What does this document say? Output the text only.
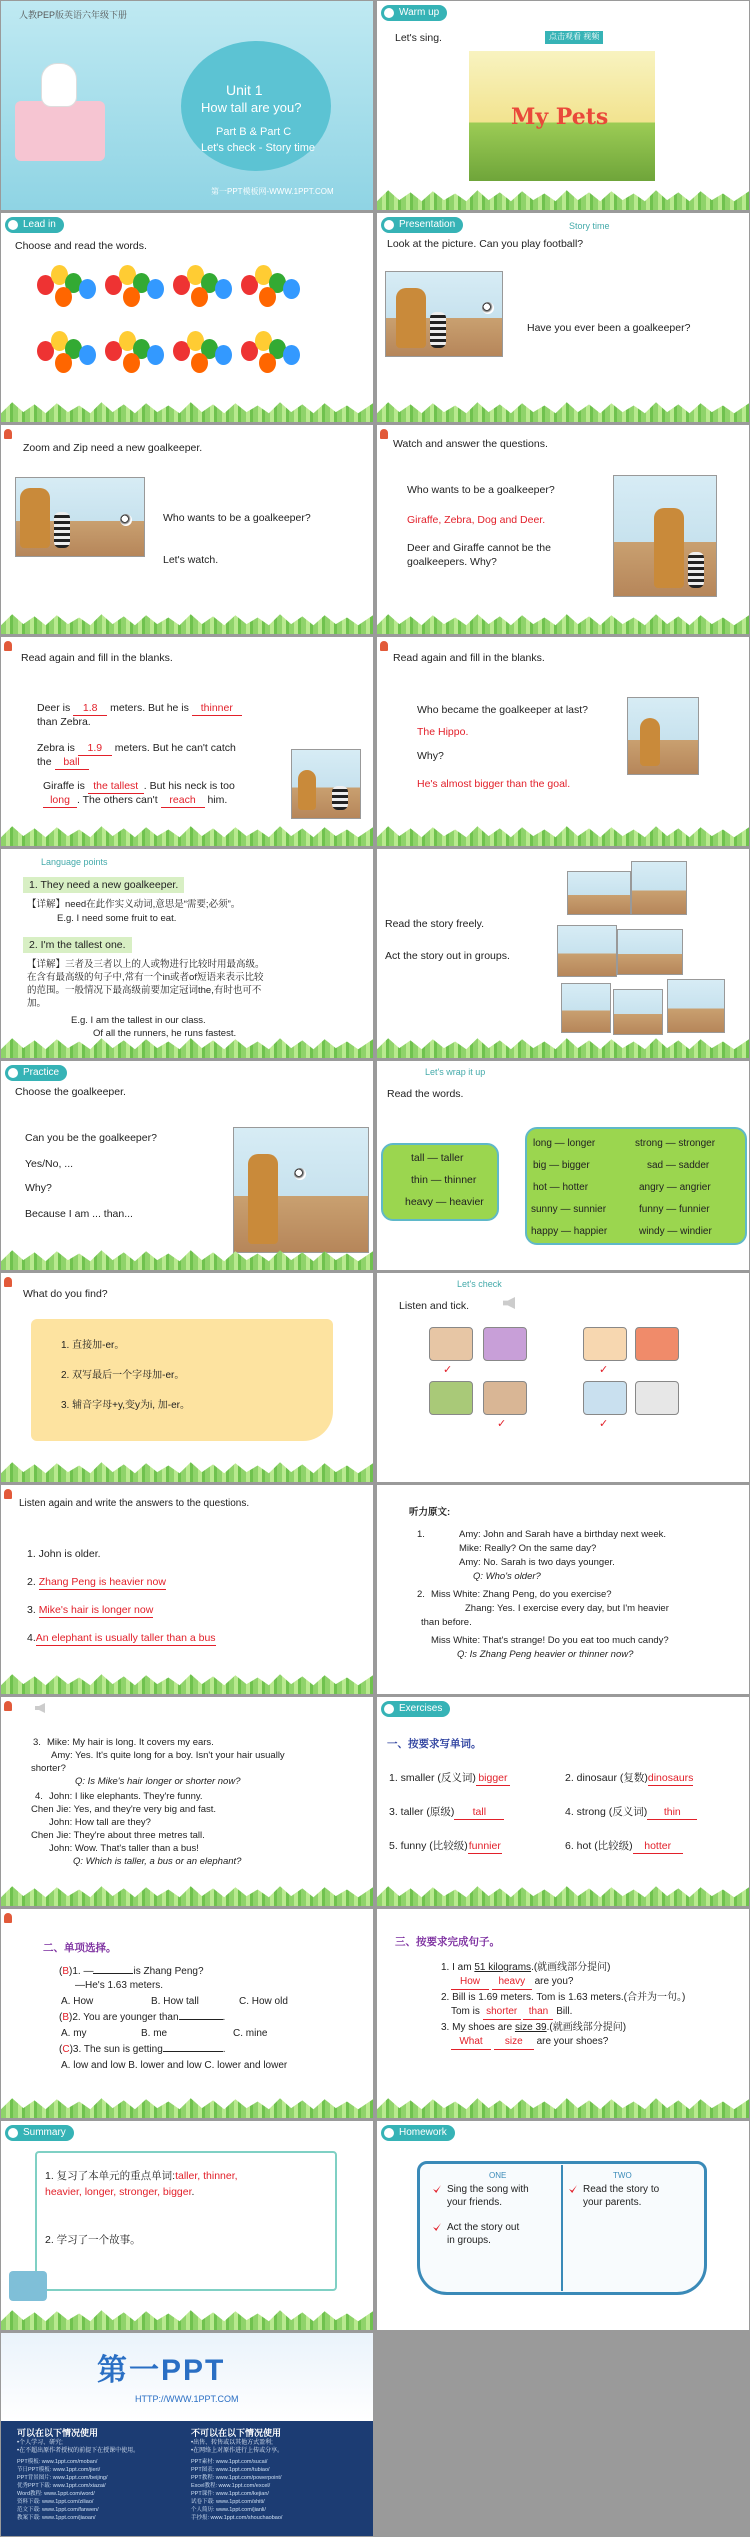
人教PEP版英语六年级下册
Unit 1
How tall are you?
Part B & Part C
Let's check - Story time
第一PPT模板网-WWW.1PPT.COM
Warm up
Let's sing.	点击观看 视频
My Pets
Lead in
Choose and read the words.
Presentation	Story time
Look at the picture. Can you play football?
Have you ever been a goalkeeper?
Zoom and Zip need a new goalkeeper.
Who wants to be a goalkeeper?
Let's watch.
Watch and answer the questions.
Who wants to be a goalkeeper?
Giraffe, Zebra, Dog and Deer.
Deer and Giraffe cannot be the
goalkeepers. Why?
Read again and fill in the blanks.
Deer is 1.8 meters. But he is thinner
than Zebra.
Zebra is 1.9 meters. But he can't catch
the ball
Giraffe is the tallest . But his neck is too
long . The others can't reach him.
Read again and fill in the blanks.
Who became the goalkeeper at last?
The Hippo.
Why?
He's almost bigger than the goal.
Language points
1. They need a new goalkeeper.
【详解】need在此作实义动词,意思是“需要;必须”。
E.g. I need some fruit to eat.
2. I'm the tallest one.
【详解】三者及三者以上的人或物进行比较时用最高级。
在含有最高级的句子中,常有一个in或者of短语来表示比较
的范围。一般情况下最高级前要加定冠词the,有时也可不
加。
E.g. I am the tallest in our class.
Of all the runners, he runs fastest.
Read the story freely.
Act the story out in groups.
Practice
Choose the goalkeeper.
Can you be the goalkeeper?
Yes/No, ...
Why?
Because I am ... than...
Let's wrap it up
Read the words.
tall — taller
thin — thinner
heavy — heavier
long — longer
big — bigger
hot — hotter
sunny — sunnier
happy — happier
strong — stronger
sad — sadder
angry — angrier
funny — funnier
windy — windier
What do you find?
1. 直接加-er。
2. 双写最后一个字母加-er。
3. 辅音字母+y,变y为i, 加-er。
Let's check
Listen and tick.
✓	✓
✓	✓
Listen again and write the answers to the questions.
1. John is older.
2. Zhang Peng is heavier now
3. Mike's hair is longer now
4.An elephant is usually taller than a bus
听力原文:
1.	Amy: John and Sarah have a birthday next week.
Mike: Really? On the same day?
Amy: No. Sarah is two days younger.
Q: Who's older?
2. Miss White: Zhang Peng, do you exercise?
Zhang: Yes. I exercise every day, but I'm heavier
than before.
Miss White: That's strange! Do you eat too much candy?
Q: Is Zhang Peng heavier or thinner now?
3. Mike: My hair is long. It covers my ears.
Amy: Yes. It's quite long for a boy. Isn't your hair usually
shorter?
Q: Is Mike's hair longer or shorter now?
4. John: I like elephants. They're funny.
Chen Jie: Yes, and they're very big and fast.
John: How tall are they?
Chen Jie: They're about three metres tall.
John: Wow. That's taller than a bus!
Q: Which is taller, a bus or an elephant?
Exercises
一、按要求写单词。
1. smaller (反义词) bigger	2. dinosaur (复数)dinosaurs
3. taller (原级) tall	4. strong (反义词) thin
5. funny (比较级)funnier	6. hot (比较级) hotter
二、单项选择。
(B)1. —	is Zhang Peng?
—He's 1.63 meters.
A. How	B. How tall	C. How old
(B)2. You are younger than	.
A. my	B. me	C. mine
(C)3. The sun is getting	.
A. low and low B. lower and low C. lower and lower
三、按要求完成句子。
1. I am 51 kilograms.(就画线部分提问)
How heavy are you?
2. Bill is 1.69 meters. Tom is 1.63 meters.(合并为一句。)
Tom is shorter than Bill.
3. My shoes are size 39.(就画线部分提问)
What size are your shoes?
Summary
1. 复习了本单元的重点单词:taller, thinner,
heavier, longer, stronger, bigger.
2. 学习了一个故事。
Homework
ONE	TWO
Sing the song with
your friends.
Act the story out
in groups.
Read the story to
your parents.
第一PPT
HTTP://WWW.1PPT.COM
可以在以下情况使用
•个人学习、研究;
•在不超出原作者授权的前提下在授课中使用。
不可以在以下情况使用
•出售、转售或以其他方式盈利;
•在网络上对原作进行上传或分享。
PPT模板: www.1ppt.com/moban/
节日PPT模板: www.1ppt.com/jieri/
PPT背景图片: www.1ppt.com/beijing/
优秀PPT下载: www.1ppt.com/xiazai/
Word教程: www.1ppt.com/word/
资料下载: www.1ppt.com/ziliao/
范文下载: www.1ppt.com/fanwen/
教案下载: www.1ppt.com/jiaoan/
PPT素材: www.1ppt.com/sucai/
PPT图表: www.1ppt.com/tubiao/
PPT教程: www.1ppt.com/powerpoint/
Excel教程: www.1ppt.com/excel/
PPT课件: www.1ppt.com/kejian/
试卷下载: www.1ppt.com/shiti/
个人简历: www.1ppt.com/jianli/
手抄报: www.1ppt.com/shouchaobao/
